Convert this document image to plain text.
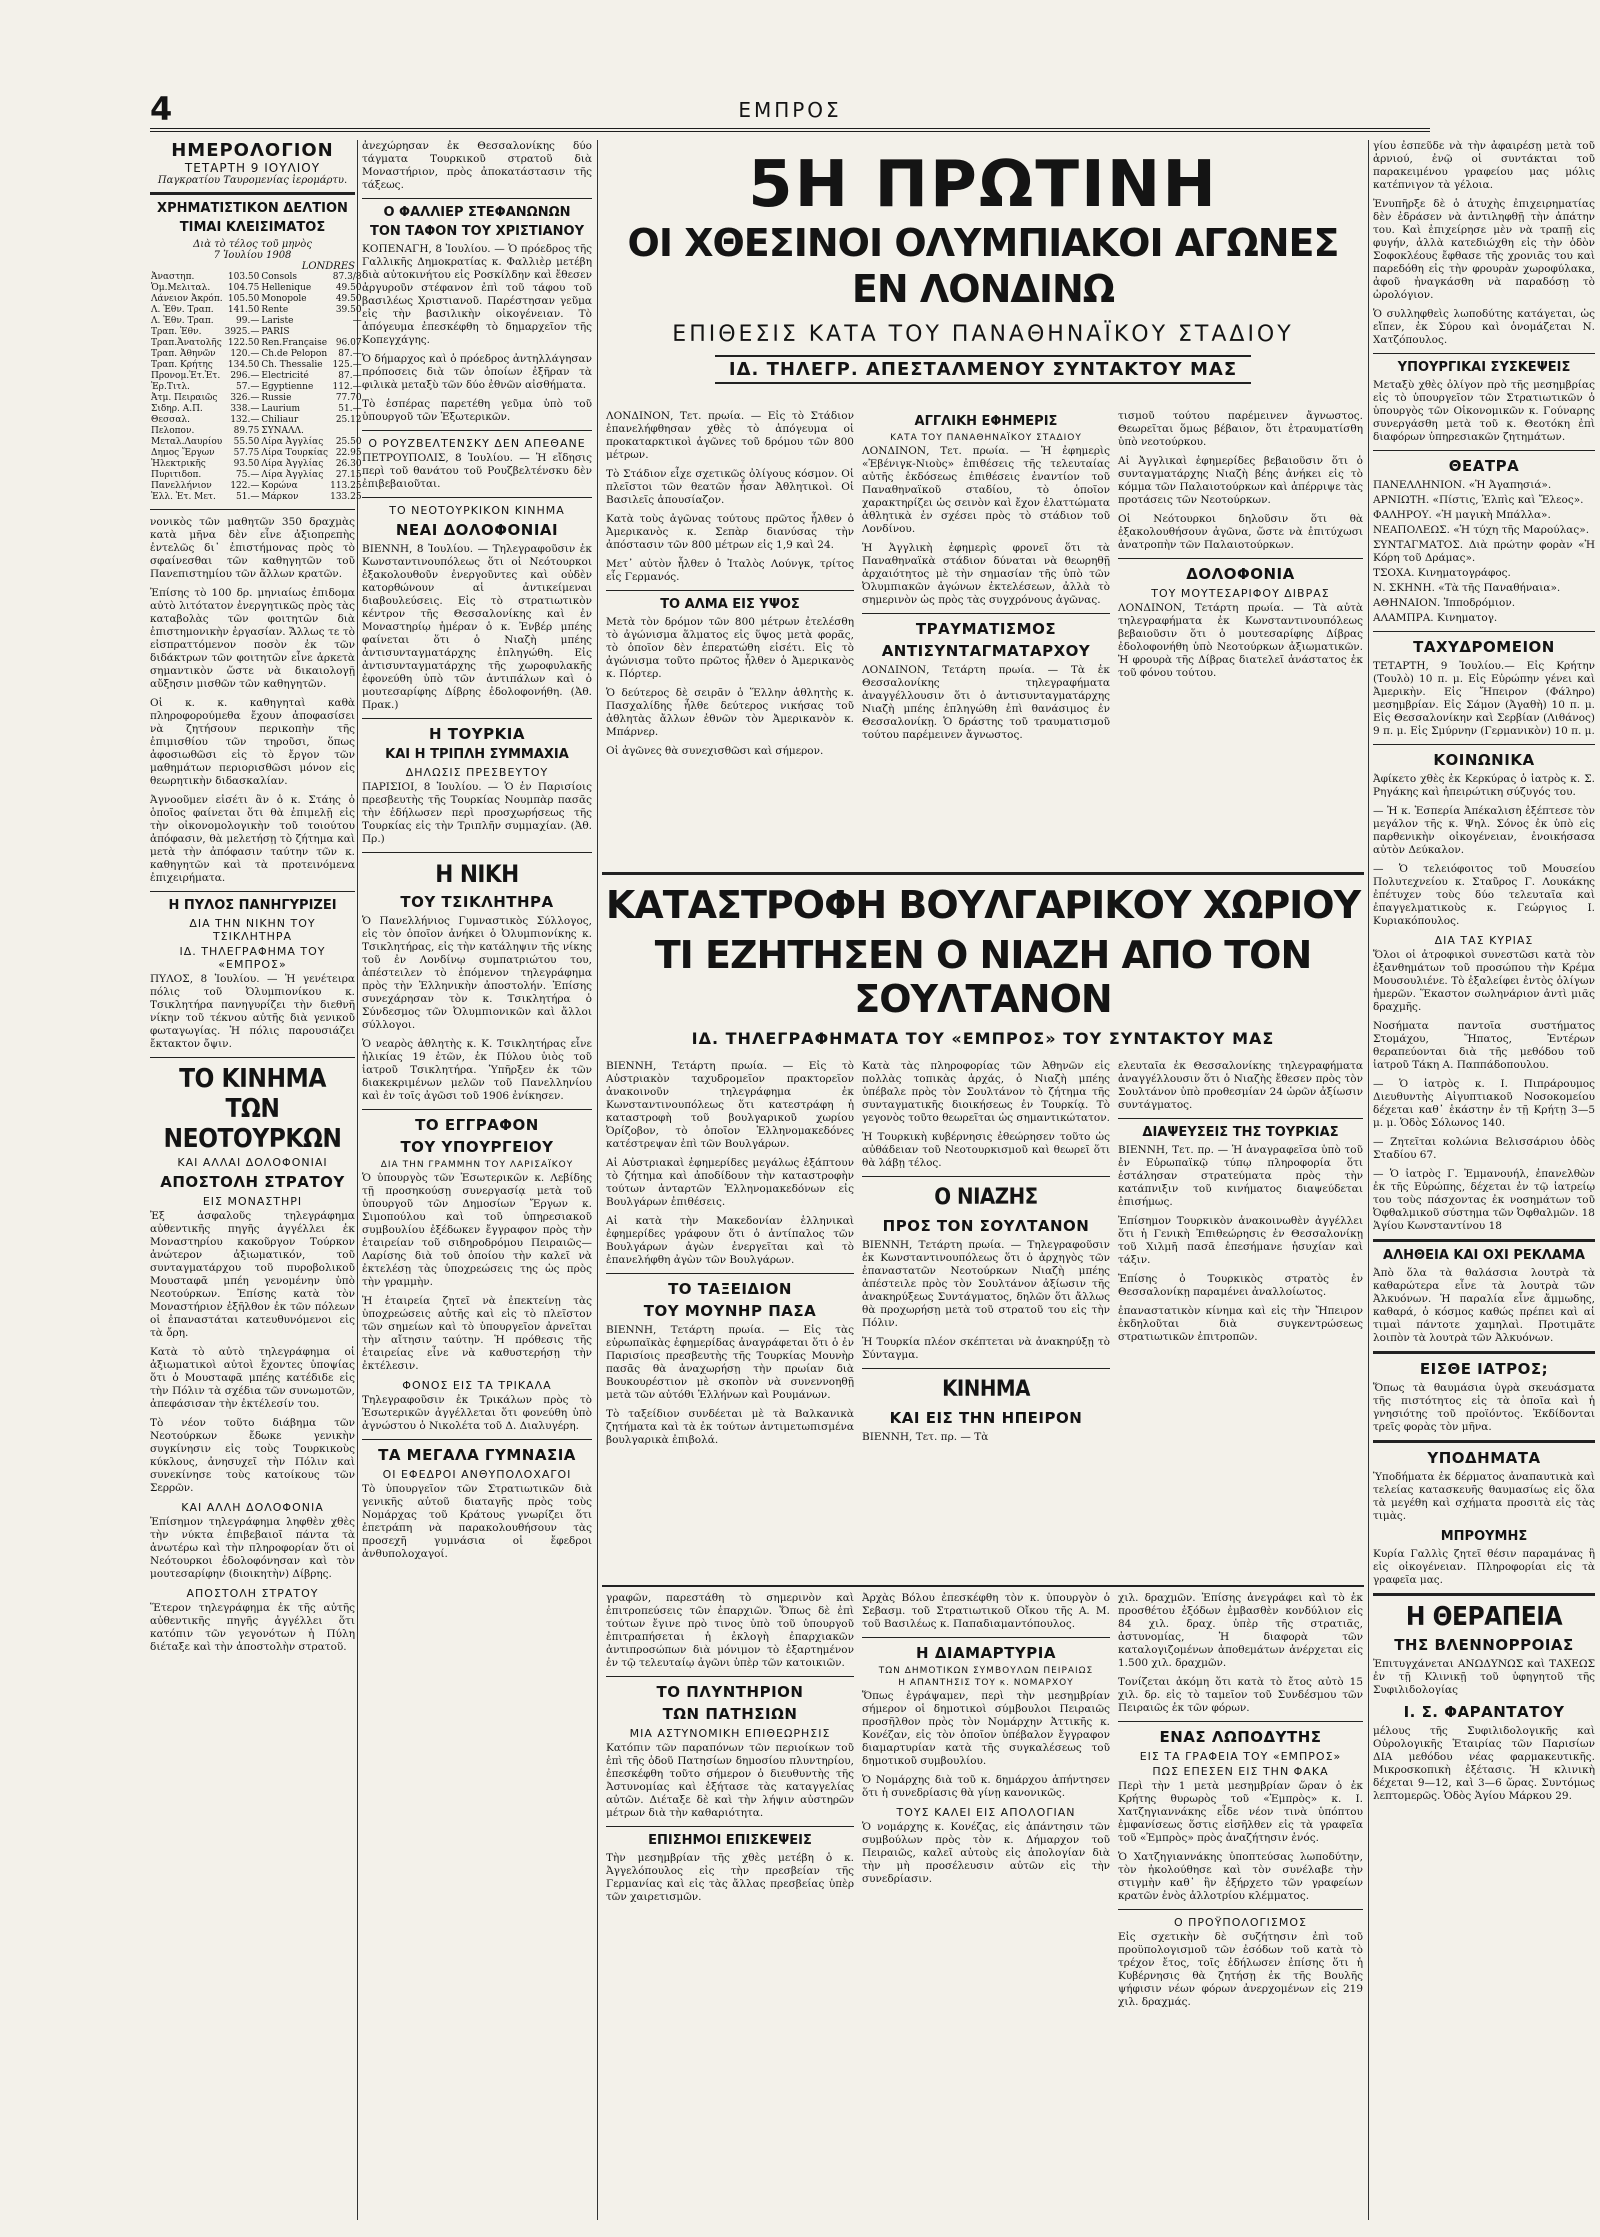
4	ΕΜΠΡΟΣ
ΗΜΕΡΟΛΟΓΙΟΝ
ΤΕΤΑΡΤΗ 9 ΙΟΥΛΙΟΥ
Παγκρατίου Ταυρομενίας ἱερομάρτυ.
ΧΡΗΜΑΤΙΣΤΙΚΟΝ ΔΕΛΤΙΟΝ
ΤΙΜΑΙ ΚΛΕΙΣΙΜΑΤΟΣ
Διὰ τὸ τέλος τοῦ μηνὸς
7 Ἰουλίου 1908
LONDRES
Ἀναστηπ.	103.50	Consols	87.3/8
Ὁμ.Μελιταλ.	104.75	Hellenique	49.50
Λάνειον Ἀκρόπ.	105.50	Monopole	49.50
Λ. Ἐθν. Τραπ.	141.50	Rente	39.50
Λ. Ἐθν. Τραπ.	99.—	Lariste	—
Τραπ. Ἐθν.	3925.—	PARIS	
Τραπ.Ἀνατολῆς	122.50	Ren.Française	96.07
Τραπ. Ἀθηνῶν	120.—	Ch.de Pelopon	87.—
Τραπ. Κρήτης	134.50	Ch. Thessalie	125.—
Προνομ.Ἐτ.Ἐτ.	296.—	Electricité	87.—
Ἐρ.Τιτλ.	57.—	Egyptienne	112.—
Ἀτμ. Πειραιῶς	326.—	Russie	77.70
Σιδηρ. Α.Π.	338.—	Laurium	51.—
Θεσσαλ.	132.—	Chiliaur	25.12
Πελοπον.	89.75	ΣΥΝΑΛΛ.	
Μεταλ.Λαυρίου	55.50	Λίρα Ἀγγλίας	25.50
Δημος Ἔργων	57.75	Λίρα Τουρκίας	22.95
Ἠλεκτρικῆς	93.50	Λίρα Ἀγγλίας	26.30
Πυριτιδοπ.	75.—	Λίρα Ἀγγλίας	27.15
Πανελλήνιον	122.—	Κορώνα	113.25
Ἐλλ. Ἐτ. Μετ.	51.—	Μάρκον	133.25

νονικὸς τῶν μαθητῶν 350 δραχμὰς κατὰ μῆνα δὲν εἶνε ἀξιοπρεπὴς ἐντελῶς δι᾽ ἐπιστήμονας πρὸς τὸ σφαίνεσθαι τῶν καθηγητῶν τοῦ Πανεπιστημίου τῶν ἄλλων κρατῶν.

Ἐπίσης τὸ 100 δρ. μηνιαίως ἐπιδομα αὐτὸ λιτότατον ἐνεργητικῶς πρὸς τὰς καταβολὰς τῶν φοιτητῶν διὰ ἐπιστημονικὴν ἐργασίαν. Ἄλλως τε τὸ εἰσπραττόμενον ποσὸν ἐκ τῶν διδάκτρων τῶν φοιτητῶν εἶνε ἀρκετὰ σημαντικὸν ὥστε νὰ δικαιολογῇ αὔξησιν μισθῶν τῶν καθηγητῶν.

Οἱ κ. κ. καθηγηταὶ καθὰ πληροφορούμεθα ἔχουν ἀποφασίσει νὰ ζητήσουν περικοπὴν τῆς ἐπιμισθίου τῶν τηροῦσι, ὅπως ἀφοσιωθῶσι εἰς τὸ ἔργον τῶν μαθημάτων περιορισθῶσι μόνον εἰς θεωρητικὴν διδασκαλίαν.

Ἀγνοοῦμεν εἰσέτι ἂν ὁ κ. Στάης ὁ ὁποῖος φαίνεται ὅτι θὰ ἐπιμελῇ εἰς τὴν οἰκονομολογικὴν τοῦ τοιούτου ἀπόφασιν, θὰ μελετήσῃ τὸ ζήτημα καὶ μετὰ τὴν ἀπόφασιν ταύτην τῶν κ. καθηγητῶν καὶ τὰ προτεινόμενα ἐπιχειρήματα.

Η ΠΥΛΟΣ ΠΑΝΗΓΥΡΙΖΕΙ
ΔΙΑ ΤΗΝ ΝΙΚΗΝ ΤΟΥ ΤΣΙΚΛΗΤΗΡΑ
ΙΔ. ΤΗΛΕΓΡΑΦΗΜΑ ΤΟΥ «ΕΜΠΡΟΣ»

ΠΥΛΟΣ, 8 Ἰουλίου. — Ἡ γενέτειρα πόλις τοῦ Ὀλυμπιονίκου κ. Τσικλητήρα πανηγυρίζει τὴν διεθνῆ νίκην τοῦ τέκνου αὐτῆς διὰ γενικοῦ φωταγωγίας. Ἡ πόλις παρουσιάζει ἔκτακτον ὄψιν.

ΤΟ ΚΙΝΗΜΑ ΤΩΝ ΝΕΟΤΟΥΡΚΩΝ
ΚΑΙ ΑΛΛΑΙ ΔΟΛΟΦΟΝΙΑΙ
ΑΠΟΣΤΟΛΗ ΣΤΡΑΤΟΥ
ΕΙΣ ΜΟΝΑΣΤΗΡΙ

Ἐξ ἀσφαλοῦς τηλεγράφημα αὐθεντικῆς πηγῆς ἀγγέλλει ἐκ Μοναστηρίου κακοῦργον Τούρκον ἀνώτερον ἀξιωματικόν, τοῦ συνταγματάρχου τοῦ πυροβολικοῦ Μουσταφᾶ μπέη γενομένην ὑπὸ Νεοτούρκων. Ἐπίσης κατὰ τὸν Μοναστήριον ἐξῆλθον ἐκ τῶν πόλεων οἱ ἐπαναστάται κατευθυνόμενοι εἰς τὰ ὄρη.

Κατὰ τὸ αὐτὸ τηλεγράφημα οἱ ἀξιωματικοὶ αὐτοὶ ἔχοντες ὑποψίας ὅτι ὁ Μουσταφᾶ μπέης κατέδιδε εἰς τὴν Πόλιν τὰ σχέδια τῶν συνωμοτῶν, ἀπεφάσισαν τὴν ἐκτέλεσίν του.

Τὸ νέον τοῦτο διάβημα τῶν Νεοτούρκων ἔδωκε γενικὴν συγκίνησιν εἰς τοὺς Τουρκικοὺς κύκλους, ἀνησυχεῖ τὴν Πόλιν καὶ συνεκίνησε τοὺς κατοίκους τῶν Σερρῶν.

ΚΑΙ ΑΛΛΗ ΔΟΛΟΦΟΝΙΑ

Ἐπίσημον τηλεγράφημα ληφθὲν χθὲς τὴν νύκτα ἐπιβεβαιοῖ πάντα τὰ ἀνωτέρω καὶ τὴν πληροφορίαν ὅτι οἱ Νεότουρκοι ἐδολοφόνησαν καὶ τὸν μουτεσαρίφην (διοικητὴν) Δίβρης.

ΑΠΟΣΤΟΛΗ ΣΤΡΑΤΟΥ

Ἕτερον τηλεγράφημα ἐκ τῆς αὐτῆς αὐθεντικῆς πηγῆς ἀγγέλλει ὅτι κατόπιν τῶν γεγονότων ἡ Πύλη διέταξε καὶ τὴν ἀποστολὴν στρατοῦ.

ἀνεχώρησαν ἐκ Θεσσαλονίκης δύο τάγματα Τουρκικοῦ στρατοῦ διὰ Μοναστήριον, πρὸς ἀποκατάστασιν τῆς τάξεως.

Ο ΦΑΛΛΙΕΡ ΣΤΕΦΑΝΩΝΩΝ
ΤΟΝ ΤΑΦΟΝ ΤΟΥ ΧΡΙΣΤΙΑΝΟΥ

ΚΟΠΕΝΑΓΗ, 8 Ἰουλίου. — Ὁ πρόεδρος τῆς Γαλλικῆς Δημοκρατίας κ. Φαλλιὲρ μετέβη διὰ αὐτοκινήτου εἰς Ροσκίλδην καὶ ἔθεσεν ἀργυροῦν στέφανον ἐπὶ τοῦ τάφου τοῦ βασιλέως Χριστιανοῦ. Παρέστησαν γεῦμα εἰς τὴν βασιλικὴν οἰκογένειαν. Τὸ ἀπόγευμα ἐπεσκέφθη τὸ δημαρχεῖον τῆς Κοπεγχάγης.

Ὁ δήμαρχος καὶ ὁ πρόεδρος ἀντηλλάγησαν πρόποσεις διὰ τῶν ὁποίων ἐξῆραν τὰ φιλικὰ μεταξὺ τῶν δύο ἐθνῶν αἰσθήματα.

Τὸ ἑσπέρας παρετέθη γεῦμα ὑπὸ τοῦ ὑπουργοῦ τῶν Ἐξωτερικῶν.

Ο ΡΟΥΖΒΕΛΤΕΝΣΚΥ ΔΕΝ ΑΠΕΘΑΝΕ

ΠΕΤΡΟΥΠΟΛΙΣ, 8 Ἰουλίου. — Ἡ εἴδησις περὶ τοῦ θανάτου τοῦ Ρουζβελτένσκυ δὲν ἐπιβεβαιοῦται.

ΤΟ ΝΕΟΤΟΥΡΚΙΚΟΝ ΚΙΝΗΜΑ
ΝΕΑΙ ΔΟΛΟΦΟΝΙΑΙ

ΒΙΕΝΝΗ, 8 Ἰουλίου. — Τηλεγραφοῦσιν ἐκ Κωνσταντινουπόλεως ὅτι οἱ Νεότουρκοι ἐξακολουθοῦν ἐνεργοῦντες καὶ οὐδὲν κατορθώνουν αἱ ἀντικείμεναι διαβουλεύσεις. Εἰς τὸ στρατιωτικὸν κέντρον τῆς Θεσσαλονίκης καὶ ἐν Μοναστηρίῳ ἡμέραν ὁ κ. Ἐνβέρ μπέης φαίνεται ὅτι ὁ Νιαζὴ μπέης ἀντισυνταγματάρχης ἐπληγώθη. Εἰς ἀντισυνταγματάρχης τῆς χωροφυλακῆς ἐφονεύθη ὑπὸ τῶν ἀντιπάλων καὶ ὁ μουτεσαρίφης Δίβρης ἐδολοφονήθη. (Ἀθ. Πρακ.)

Η ΤΟΥΡΚΙΑ
ΚΑΙ Η ΤΡΙΠΛΗ ΣΥΜΜΑΧΙΑ
ΔΗΛΩΣΙΣ ΠΡΕΣΒΕΥΤΟΥ

ΠΑΡΙΣΙΟΙ, 8 Ἰουλίου. — Ὁ ἐν Παρισίοις πρεσβευτὴς τῆς Τουρκίας Νουμπὰρ πασᾶς τὴν ἐδήλωσεν περὶ προσχωρήσεως τῆς Τουρκίας εἰς τὴν Τριπλῆν συμμαχίαν. (Ἀθ. Πρ.)

Η ΝΙΚΗ
ΤΟΥ ΤΣΙΚΛΗΤΗΡΑ

Ὁ Πανελλήνιος Γυμναστικὸς Σύλλογος, εἰς τὸν ὁποῖον ἀνήκει ὁ Ὀλυμπιονίκης κ. Τσικλητήρας, εἰς τὴν κατάληψιν τῆς νίκης τοῦ ἐν Λονδίνῳ συμπατριώτου του, ἀπέστειλεν τὸ ἑπόμενον τηλεγράφημα πρὸς τὴν Ἑλληνικὴν ἀποστολήν. Ἐπίσης συνεχάρησαν τὸν κ. Τσικλητήρα ὁ Σύνδεσμος τῶν Ὀλυμπιονικῶν καὶ ἄλλοι σύλλογοι.

Ὁ νεαρὸς ἀθλητὴς κ. Κ. Τσικλητήρας εἶνε ἡλικίας 19 ἐτῶν, ἐκ Πύλου ὑιὸς τοῦ ἰατροῦ Τσικλητήρα. Ὑπῆρξεν ἐκ τῶν διακεκριμένων μελῶν τοῦ Πανελληνίου καὶ ἐν τοῖς ἀγῶσι τοῦ 1906 ἐνίκησεν.

ΤΟ ΕΓΓΡΑΦΟΝ
ΤΟΥ ΥΠΟΥΡΓΕΙΟΥ
ΔΙΑ ΤΗΝ ΓΡΑΜΜΗΝ ΤΟΥ ΛΑΡΙΣΑΪΚΟΥ

Ὁ ὑπουργὸς τῶν Ἐσωτερικῶν κ. Λεβίδης τῇ προσηκούσῃ συνεργασίᾳ μετὰ τοῦ ὑπουργοῦ τῶν Δημοσίων Ἔργων κ. Σιμοπούλου καὶ τοῦ ὑπηρεσιακοῦ συμβουλίου ἐξέδωκεν ἔγγραφον πρὸς τὴν ἑταιρείαν τοῦ σιδηροδρόμου Πειραιῶς—Λαρίσης διὰ τοῦ ὁποίου τὴν καλεῖ νὰ ἐκτελέσῃ τὰς ὑποχρεώσεις της ὡς πρὸς τὴν γραμμὴν.

Ἡ ἐταιρεία ζητεῖ νὰ ἐπεκτείνῃ τὰς ὑποχρεώσεις αὐτῆς καὶ εἰς τὸ πλεῖστον τῶν σημείων καὶ τὸ ὑπουργεῖον ἀρνεῖται τὴν αἴτησιν ταύτην. Ἡ πρόθεσις τῆς ἑταιρείας εἶνε νὰ καθυστερήσῃ τὴν ἐκτέλεσιν.

ΦΟΝΟΣ ΕΙΣ ΤΑ ΤΡΙΚΑΛΑ

Τηλεγραφοῦσιν ἐκ Τρικάλων πρὸς τὸ Ἐσωτερικῶν ἀγγέλλεται ὅτι φονεύθη ὑπὸ ἀγνώστου ὁ Νικολέτα τοῦ Δ. Διαλυγέρη.

ΤΑ ΜΕΓΑΛΑ ΓΥΜΝΑΣΙΑ
ΟΙ ΕΦΕΔΡΟΙ ΑΝΘΥΠΟΛΟΧΑΓΟΙ

Τὸ ὑπουργεῖον τῶν Στρατιωτικῶν διὰ γενικῆς αὐτοῦ διαταγῆς πρὸς τοὺς Νομάρχας τοῦ Κράτους γνωρίζει ὅτι ἐπετράπη νὰ παρακολουθήσουν τὰς προσεχῆ γυμνάσια οἱ ἔφεδροι ἀνθυπολοχαγοί.

5Η ΠΡΩΤΙΝΗ
ΟΙ ΧΘΕΣΙΝΟΙ ΟΛΥΜΠΙΑΚΟΙ ΑΓΩΝΕΣ ΕΝ ΛΟΝΔΙΝΩ
ΕΠΙΘΕΣΙΣ ΚΑΤΑ ΤΟΥ ΠΑΝΑΘΗΝΑΪΚΟΥ ΣΤΑΔΙΟΥ
ΙΔ. ΤΗΛΕΓΡ. ΑΠΕΣΤΑΛΜΕΝΟΥ ΣΥΝΤΑΚΤΟΥ ΜΑΣ

ΛΟΝΔΙΝΟΝ, Τετ. πρωία. — Εἰς τὸ Στάδιον ἐπανελήφθησαν χθὲς τὸ ἀπόγευμα οἱ προκαταρκτικοὶ ἀγῶνες τοῦ δρόμου τῶν 800 μέτρων.

Τὸ Στάδιον εἶχε σχετικῶς ὀλίγους κόσμον. Οἱ πλεῖστοι τῶν θεατῶν ἦσαν Ἀθλητικοὶ. Οἱ Βασιλεῖς ἀπουσίαζον.

Κατὰ τοὺς ἀγῶνας τούτους πρῶτος ἦλθεν ὁ Ἀμερικανὸς κ. Σεπὰρ διανύσας τὴν ἀπόστασιν τῶν 800 μέτρων εἰς 1,9 καὶ 24.

Μετ᾽ αὐτὸν ἦλθεν ὁ Ἰταλὸς Λούνγκ, τρίτος εἷς Γερμανός.

ΤΟ ΑΛΜΑ ΕΙΣ ΥΨΟΣ

Μετὰ τὸν δρόμον τῶν 800 μέτρων ἐτελέσθη τὸ ἀγώνισμα ἅλματος εἰς ὕψος μετὰ φορᾶς, τὸ ὁποῖον δὲν ἐπερατώθη εἰσέτι. Εἰς τὸ ἀγώνισμα τοῦτο πρῶτος ἦλθεν ὁ Ἀμερικανὸς κ. Πόρτερ.

Ὁ δεύτερος δὲ σειρᾶν ὁ Ἕλλην ἀθλητὴς κ. Πασχαλίδης ἦλθε δεύτερος νικήσας τοῦ ἀθλητὰς ἄλλων ἐθνῶν τὸν Ἀμερικανὸν κ. Μπάρνερ.

Οἱ ἀγῶνες θὰ συνεχισθῶσι καὶ σήμερον.

ΑΓΓΛΙΚΗ ΕΦΗΜΕΡΙΣ
ΚΑΤΑ ΤΟΥ ΠΑΝΑΘΗΝΑΪΚΟΥ ΣΤΑΔΙΟΥ

ΛΟΝΔΙΝΟΝ, Τετ. πρωία. — Ἡ ἐφημερὶς «Ἐβένιγκ-Νιοὺς» ἐπιθέσεις τῆς τελευταίας αὐτῆς ἐκδόσεως ἐπιθέσεις ἐναντίον τοῦ Παναθηναϊκοῦ σταδίου, τὸ ὁποῖον χαρακτηρίζει ὡς σεινὸν καὶ ἔχον ἐλαττώματα ἀθλητικὰ ἐν σχέσει πρὸς τὸ στάδιον τοῦ Λονδίνου.

Ἡ Ἀγγλικὴ ἐφημερὶς φρονεῖ ὅτι τὰ Παναθηναϊκὰ στάδιον δύναται νὰ θεωρηθῇ ἀρχαιότητος μὲ τὴν σημασίαν τῆς ὑπὸ τῶν Ὀλυμπιακῶν ἀγώνων ἐκτελέσεων, ἀλλὰ τὸ σημερινὸν ὡς πρὸς τὰς συγχρόνους ἀγῶνας.

ΤΡΑΥΜΑΤΙΣΜΟΣ
ΑΝΤΙΣΥΝΤΑΓΜΑΤΑΡΧΟΥ

ΛΟΝΔΙΝΟΝ, Τετάρτη πρωία. — Τὰ ἐκ Θεσσαλονίκης τηλεγραφήματα ἀναγγέλλουσιν ὅτι ὁ ἀντισυνταγματάρχης Νιαζὴ μπέης ἐπληγώθη ἐπὶ θανάσιμος ἐν Θεσσαλονίκῃ. Ὁ δράστης τοῦ τραυματισμοῦ τούτου παρέμεινεν ἄγνωστος.

τισμοῦ τούτου παρέμεινεν ἄγνωστος. Θεωρεῖται ὅμως βέβαιον, ὅτι ἐτραυματίσθη ὑπὸ νεοτούρκου.

Αἱ Ἀγγλικαὶ ἐφημερίδες βεβαιοῦσιν ὅτι ὁ συνταγματάρχης Νιαζὴ βέης ἀνήκει εἰς τὸ κόμμα τῶν Παλαιοτούρκων καὶ ἀπέρριψε τὰς προτάσεις τῶν Νεοτούρκων.

Οἱ Νεότουρκοι δηλοῦσιν ὅτι θὰ ἐξακολουθήσουν ἀγῶνα, ὥστε νὰ ἐπιτύχωσι ἀνατροπὴν τῶν Παλαιοτούρκων.

ΔΟΛΟΦΟΝΙΑ
ΤΟΥ ΜΟΥΤΕΣΑΡΙΦΟΥ ΔΙΒΡΑΣ

ΛΟΝΔΙΝΟΝ, Τετάρτη πρωία. — Τὰ αὐτὰ τηλεγραφήματα ἐκ Κωνσταντινουπόλεως βεβαιοῦσιν ὅτι ὁ μουτεσαρίφης Δίβρας ἐδολοφονήθη ὑπὸ Νεοτούρκων ἀξιωματικῶν. Ἡ φρουρὰ τῆς Δίβρας διατελεῖ ἀνάστατος ἐκ τοῦ φόνου τούτου.

ΚΑΤΑΣΤΡΟΦΗ ΒΟΥΛΓΑΡΙΚΟΥ ΧΩΡΙΟΥ
ΤΙ ΕΖΗΤΗΣΕΝ Ο ΝΙΑΖΗ ΑΠΟ ΤΟΝ ΣΟΥΛΤΑΝΟΝ
ΙΔ. ΤΗΛΕΓΡΑΦΗΜΑΤΑ ΤΟΥ «ΕΜΠΡΟΣ» ΤΟΥ ΣΥΝΤΑΚΤΟΥ ΜΑΣ

ΒΙΕΝΝΗ, Τετάρτη πρωία. — Εἰς τὸ Αὐστριακὸν ταχυδρομεῖον πρακτορεῖον ἀνακοινοῦν τηλεγράφημα ἐκ Κωνσταντινουπόλεως ὅτι κατεστράφη ἡ καταστροφὴ τοῦ βουλγαρικοῦ χωρίου Ὀρίζοβον, τὸ ὁποῖον Ἑλληνομακεδόνες κατέστρεψαν ἐπὶ τῶν Βουλγάρων.

Αἱ Αὐστριακαὶ ἐφημερίδες μεγάλως ἐξάπτουν τὸ ζήτημα καὶ ἀποδίδουν τὴν καταστροφὴν τούτων ἀνταρτῶν Ἑλληνομακεδόνων εἰς Βουλγάρων ἐπιθέσεις.

Αἱ κατὰ τὴν Μακεδονίαν ἑλληνικαὶ ἐφημερίδες γράφουν ὅτι ὁ ἀντίπαλος τῶν Βουλγάρων ἀγὼν ἐνεργεῖται καὶ τὸ ἐπανελήφθη ἀγὼν τῶν Βουλγάρων.

ΤΟ ΤΑΞΕΙΔΙΟΝ
ΤΟΥ ΜΟΥΝΗΡ ΠΑΣΑ

ΒΙΕΝΝΗ, Τετάρτη πρωία. — Εἰς τὰς εὐρωπαϊκὰς ἐφημερίδας ἀναγράφεται ὅτι ὁ ἐν Παρισίοις πρεσβευτὴς τῆς Τουρκίας Μουνὴρ πασᾶς θὰ ἀναχωρήσῃ τὴν πρωίαν διὰ Βουκουρέστιον μὲ σκοπὸν νὰ συνεννοηθῇ μετὰ τῶν αὐτόθι Ἑλλήνων καὶ Ρουμάνων.

Τὸ ταξείδιον συνδέεται μὲ τὰ Βαλκανικὰ ζητήματα καὶ τὰ ἐκ τούτων ἀντιμετωπισμένα βουλγαρικὰ ἐπιβολά.

Κατὰ τὰς πληροφορίας τῶν Ἀθηνῶν εἰς πολλὰς τοπικὰς ἀρχάς, ὁ Νιαζὴ μπέης ὑπέβαλε πρὸς τὸν Σουλτάνον τὸ ζήτημα τῆς συνταγματικῆς διοικήσεως ἐν Τουρκίᾳ. Τὸ γεγονὸς τοῦτο θεωρεῖται ὡς σημαντικώτατον.

Ἡ Τουρκικὴ κυβέρνησις ἐθεώρησεν τοῦτο ὡς αὐθάδειαν τοῦ Νεοτουρκισμοῦ καὶ θεωρεῖ ὅτι θὰ λάβῃ τέλος.

Ο ΝΙΑΖΗΣ
ΠΡΟΣ ΤΟΝ ΣΟΥΛΤΑΝΟΝ

ΒΙΕΝΝΗ, Τετάρτη πρωία. — Τηλεγραφοῦσιν ἐκ Κωνσταντινουπόλεως ὅτι ὁ ἀρχηγὸς τῶν ἐπαναστατῶν Νεοτούρκων Νιαζὴ μπέης ἀπέστειλε πρὸς τὸν Σουλτάνον ἀξίωσιν τῆς ἀνακηρύξεως Συντάγματος, δηλῶν ὅτι ἄλλως θὰ προχωρήσῃ μετὰ τοῦ στρατοῦ του εἰς τὴν Πόλιν.

Ἡ Τουρκία πλέον σκέπτεται νὰ ἀνακηρύξῃ τὸ Σύνταγμα.

ΚΙΝΗΜΑ
ΚΑΙ ΕΙΣ ΤΗΝ ΗΠΕΙΡΟΝ

ΒΙΕΝΝΗ, Τετ. πρ. — Τὰ

ελευταῖα ἐκ Θεσσαλονίκης τηλεγραφήματα ἀναγγέλλουσιν ὅτι ὁ Νιαζὴς ἔθεσεν πρὸς τὸν Σουλτάνον ὑπὸ προθεσμίαν 24 ὡρῶν ἀξίωσιν συντάγματος.

ΔΙΑΨΕΥΣΕΙΣ ΤΗΣ ΤΟΥΡΚΙΑΣ

ΒΙΕΝΝΗ, Τετ. πρ. — Ἡ ἀναγραφεῖσα ὑπὸ τοῦ ἐν Εὐρωπαϊκῷ τύπῳ πληροφορία ὅτι ἐστάλησαν στρατεύματα πρὸς τὴν κατάπνιξιν τοῦ κινήματος διαψεύδεται ἐπισήμως.

Ἐπίσημον Τουρκικὸν ἀνακοινωθὲν ἀγγέλλει ὅτι ἡ Γενικὴ Ἐπιθεώρησις ἐν Θεσσαλονίκῃ τοῦ Χιλμῆ πασᾶ ἐπεσήμανε ἡσυχίαν καὶ τάξιν.

Ἐπίσης ὁ Τουρκικὸς στρατὸς ἐν Θεσσαλονίκῃ παραμένει ἀναλλοίωτος.

ἐπαναστατικὸν κίνημα καὶ εἰς τὴν Ἤπειρον ἐκδηλοῦται διὰ συγκεντρώσεως στρατιωτικῶν ἐπιτροπῶν.

γραφῶν, παρεστάθη τὸ σημερινὸν καὶ ἐπιτροπεύσεις τῶν ἐπαρχιῶν. Ὅπως δὲ ἐπὶ τούτων ἔγινε πρὸ τινος ὑπὸ τοῦ ὑπουργοῦ ἐπιτραπήσεται ἡ ἐκλογὴ ἐπαρχιακῶν ἀντιπροσώπων διὰ μόνιμον τὸ ἐξαρτημένον ἐν τῷ τελευταίῳ ἀγῶνι ὑπὲρ τῶν κατοικιῶν.

ΤΟ ΠΛΥΝΤΗΡΙΟΝ
ΤΩΝ ΠΑΤΗΣΙΩΝ
ΜΙΑ ΑΣΤΥΝΟΜΙΚΗ ΕΠΙΘΕΩΡΗΣΙΣ

Κατόπιν τῶν παραπόνων τῶν περιοίκων τοῦ ἐπὶ τῆς ὁδοῦ Πατησίων δημοσίου πλυντηρίου, ἐπεσκέφθη τοῦτο σήμερον ὁ διευθυντὴς τῆς Ἀστυνομίας καὶ ἐξήτασε τὰς καταγγελίας αὐτῶν. Διέταξε δὲ καὶ τὴν λήψιν αὐστηρῶν μέτρων διὰ τὴν καθαριότητα.

ΕΠΙΣΗΜΟΙ ΕΠΙΣΚΕΨΕΙΣ

Τὴν μεσημβρίαν τῆς χθὲς μετέβη ὁ κ. Ἀγγελόπουλος εἰς τὴν πρεσβείαν τῆς Γερμανίας καὶ εἰς τὰς ἄλλας πρεσβείας ὑπὲρ τῶν χαιρετισμῶν.

Ἀρχὰς Βόλου ἐπεσκέφθη τὸν κ. ὑπουργὸν ὁ Σεβασμ. τοῦ Στρατιωτικοῦ Οἴκου τῆς Α. Μ. τοῦ Βασιλέως κ. Παπαδιαμαντόπουλος.

Η ΔΙΑΜΑΡΤΥΡΙΑ
ΤΩΝ ΔΗΜΟΤΙΚΩΝ ΣΥΜΒΟΥΛΩΝ ΠΕΙΡΑΙΩΣ
Η ΑΠΑΝΤΗΣΙΣ ΤΟΥ κ. ΝΟΜΑΡΧΟΥ

Ὅπως ἐγράψαμεν, περὶ τὴν μεσημβρίαν σήμερον οἱ δημοτικοὶ σύμβουλοι Πειραιῶς προσῆλθον πρὸς τὸν Νομάρχην Ἀττικῆς κ. Κονέζαν, εἰς τὸν ὁποῖον ὑπέβαλον ἔγγραφον διαμαρτυρίαν κατὰ τῆς συγκαλέσεως τοῦ δημοτικοῦ συμβουλίου.

Ὁ Νομάρχης διὰ τοῦ κ. δημάρχου ἀπήντησεν ὅτι ἡ συνεδρίασις θὰ γίνῃ κανονικῶς.

ΤΟΥΣ ΚΑΛΕΙ ΕΙΣ ΑΠΟΛΟΓΙΑΝ

Ὁ νομάρχης κ. Κονέζας, εἰς ἀπάντησιν τῶν συμβούλων πρὸς τὸν κ. Δήμαρχον τοῦ Πειραιῶς, καλεῖ αὐτοὺς εἰς ἀπολογίαν διὰ τὴν μὴ προσέλευσιν αὐτῶν εἰς τὴν συνεδρίασιν.

χιλ. δραχμῶν. Ἐπίσης ἀνεγράφει καὶ τὸ ἐκ προσθέτου ἐξόδων ἐμβασθὲν κονδύλιον εἰς 84 χιλ. δραχ. ὑπὲρ τῆς στρατιᾶς, ἀστυνομίας, Ἡ διαφορὰ τῶν καταλογιζομένων ἀποθεμάτων ἀνέρχεται εἰς 1.500 χιλ. δραχμῶν.

Τονίζεται ἀκόμη ὅτι κατὰ τὸ ἔτος αὐτὸ 15 χιλ. δρ. εἰς τὸ ταμεῖον τοῦ Συνδέσμου τῶν Πειραιῶς ἐκ τῶν φόρων.

ΕΝΑΣ ΛΩΠΟΔΥΤΗΣ
ΕΙΣ ΤΑ ΓΡΑΦΕΙΑ ΤΟΥ «ΕΜΠΡΟΣ»
ΠΩΣ ΕΠΕΣΕΝ ΕΙΣ ΤΗΝ ΦΑΚΑ

Περὶ τὴν 1 μετὰ μεσημβρίαν ὥραν ὁ ἐκ Κρήτης θυρωρὸς τοῦ «Ἐμπρὸς» κ. Ι. Χατζηγιαννάκης εἶδε νέον τινὰ ὑπόπτου ἐμφανίσεως ὅστις εἰσῆλθεν εἰς τὰ γραφεῖα τοῦ «Ἐμπρὸς» πρὸς ἀναζήτησιν ἐνός.

Ὁ Χατζηγιαννάκης ὑποπτεύσας λωποδύτην, τὸν ἠκολούθησε καὶ τὸν συνέλαβε τὴν στιγμὴν καθ᾽ ἣν ἐξήρχετο τῶν γραφείων κρατῶν ἐνὸς ἀλλοτρίου κλέμματος.

Ο ΠΡΟΫΠΟΛΟΓΙΣΜΟΣ

Εἰς σχετικὴν δὲ συζήτησιν ἐπὶ τοῦ προϋπολογισμοῦ τῶν ἐσόδων τοῦ κατὰ τὸ τρέχον ἔτος, τοῖς ἐδήλωσεν ἐπίσης ὅτι ἡ Κυβέρνησις θὰ ζητήσῃ ἐκ τῆς Βουλῆς ψήφισιν νέων φόρων ἀνερχομένων εἰς 219 χιλ. δραχμάς.

γίου ἐσπεῦδε νὰ τὴν ἀφαιρέσῃ μετὰ τοῦ ἀρνιού, ἐνῷ οἱ συντάκται τοῦ παρακειμένου γραφείου μας μόλις κατέπνιγον τὰ γέλοια.

Ἐνυπῆρξε δὲ ὁ ἀτυχὴς ἐπιχειρηματίας δὲν ἐδράσεν νὰ ἀντιληφθῇ τὴν ἀπάτην του. Καὶ ἐπιχείρησε μὲν νὰ τραπῇ εἰς φυγήν, ἀλλὰ κατεδιώχθη εἰς τὴν ὁδὸν Σοφοκλέους ἔφθασε τῆς χρονιᾶς του καὶ παρεδόθη εἰς τὴν φρουρὰν χωροφύλακα, ἀφοῦ ἠναγκάσθη νὰ παραδόσῃ τὸ ὡρολόγιον.

Ὁ συλληφθεὶς λωποδύτης κατάγεται, ὡς εἴπεν, ἐκ Σύρου καὶ ὀνομάζεται Ν. Χατζόπουλος.

ΥΠΟΥΡΓΙΚΑΙ ΣΥΣΚΕΨΕΙΣ

Μεταξὺ χθὲς ὀλίγον πρὸ τῆς μεσημβρίας εἰς τὸ ὑπουργεῖον τῶν Στρατιωτικῶν ὁ ὑπουργὸς τῶν Οἰκονομικῶν κ. Γούναρης συνεργάσθη μετὰ τοῦ κ. Θεοτόκη ἐπὶ διαφόρων ὑπηρεσιακῶν ζητημάτων.

ΘΕΑΤΡΑ

ΠΑΝΕΛΛΗΝΙΟΝ. «Ἡ Ἀγαπησιά».

ΑΡΝΙΩΤΗ. «Πίστις, Ἐλπὶς καὶ Ἔλεος».

ΦΑΛΗΡΟΥ. «Ἡ μαγικὴ Μπάλλα».

ΝΕΑΠΟΛΕΩΣ. «Ἡ τύχη τῆς Μαρούλας».

ΣΥΝΤΑΓΜΑΤΟΣ. Διὰ πρώτην φορὰν «Ἡ Κόρη τοῦ Δράμας».

ΤΣΟΧΑ. Κινηματογράφος.

Ν. ΣΚΗΝΗ. «Τὰ τῆς Παναθήναια».

ΑΘΗΝΑΙΟΝ. Ἱπποδρόμιον.

ΑΛΑΜΠΡΑ. Κινηματογ.

ΤΑΧΥΔΡΟΜΕΙΟΝ

ΤΕΤΑΡΤΗ, 9 Ἰουλίου.— Εἰς Κρήτην (Τουλὸ) 10 π. μ. Εἰς Εὐρώπην γένει καὶ Ἀμερικὴν. Εἰς Ἤπειρον (Φάληρο) μεσημβρίαν. Εἰς Σάμον (Ἀγαθὴ) 10 π. μ. Εἰς Θεσσαλονίκην καὶ Σερβίαν (Λιθάνος) 9 π. μ. Εἰς Σμύρνην (Γερμανικὸν) 10 π. μ.

ΚΟΙΝΩΝΙΚΑ

Ἀφίκετο χθὲς ἐκ Κερκύρας ὁ ἰατρὸς κ. Σ. Ρηγάκης καὶ ἠπειρώτικη σύζυγός του.

— Ἡ κ. Ἑσπερία Ἀπέκαλιση ἐξέπτεσε τὸν μεγάλον τῆς κ. Ψηλ. Σόνος ἐκ ὑπὸ εἰς παρθενικὴν οἰκογένειαν, ἐνοικήσασα αὐτὸν Δεύκαλον.

— Ὁ τελειόφοιτος τοῦ Μουσείου Πολυτεχνείου κ. Σταῦρος Γ. Λουκάκης ἐπέτυχεν τοὺς δύο τελευταῖα καὶ ἐπαγγελματικοὺς κ. Γεώργιος Ι. Κυριακόπουλος.

ΔΙΑ ΤΑΣ ΚΥΡΙΑΣ

Ὅλοι οἱ ἀτροφικοὶ συνεστῶσι κατὰ τὸν ἐξανθημάτων τοῦ προσώπου τὴν Κρέμα Μουσουλιένε. Τὸ ἐξαλείφει ἐντὸς ὀλίγων ἡμερῶν. Ἕκαστον σωληνάριον ἀντὶ μιᾶς δραχμῆς.

Νοσήματα παντοῖα συστήματος Στομάχου, Ἥπατος, Ἐντέρων θεραπεύονται διὰ τῆς μεθόδου τοῦ ἰατροῦ Τάκη Α. Παππάδοπουλου.

— Ὁ ἰατρὸς κ. Ι. Πιπράρουμος Διευθυντὴς Αἰγυπτιακοῦ Νοσοκομείου δέχεται καθ᾽ ἑκάστην ἐν τῇ Κρήτῃ 3—5 μ. μ. Ὁδὸς Σόλωνος 140.

— Ζητεῖται κολώνια Βελισσάριου ὁδὸς Σταδίου 67.

— Ὁ ἰατρὸς Γ. Ἐμμανουήλ, ἐπανελθὼν ἐκ τῆς Εὐρώπης, δέχεται ἐν τῷ ἰατρείῳ του τοὺς πάσχοντας ἐκ νοσημάτων τοῦ Ὀφθαλμικοῦ σύστημα τῶν Ὀφθαλμῶν. 18 Ἁγίου Κωνσταντίνου 18

ΑΛΗΘΕΙΑ ΚΑΙ ΟΧΙ ΡΕΚΛΑΜΑ

Ἀπὸ ὅλα τὰ θαλάσσια λουτρὰ τὰ καθαρώτερα εἶνε τὰ λουτρὰ τῶν Ἀλκυόνων. Ἡ παραλία εἶνε ἄμμωδης, καθαρά, ὁ κόσμος καθώς πρέπει καὶ αἱ τιμαὶ πάντοτε χαμηλαὶ. Προτιμᾶτε λοιπὸν τὰ λουτρὰ τῶν Ἀλκυόνων.

ΕΙΣΘΕ ΙΑΤΡΟΣ;

Ὅπως τὰ θαυμάσια ὑγρὰ σκευάσματα τῆς πιστότητος εἰς τὰ ὁποῖα καὶ ἡ γνησιότης τοῦ προϊόντος. Ἐκδίδονται τρεῖς φορὰς τὸν μῆνα.

ΥΠΟΔΗΜΑΤΑ

Ὑποδήματα ἐκ δέρματος ἀναπαυτικὰ καὶ τελείας κατασκευῆς θαυμασίως εἰς ὅλα τὰ μεγέθη καὶ σχήματα προσιτὰ εἰς τὰς τιμὰς.

ΜΠΡΟΥΜΗΣ

Κυρία Γαλλὶς ζητεῖ θέσιν παραμάνας ἢ εἰς οἰκογένειαν. Πληροφορίαι εἰς τὰ γραφεῖα μας.

Η ΘΕΡΑΠΕΙΑ
ΤΗΣ ΒΛΕΝΝΟΡΡΟΙΑΣ

Ἐπιτυγχάνεται ΑΝΩΔΥΝΩΣ καὶ ΤΑΧΕΩΣ ἐν τῇ Κλινικῇ τοῦ ὑφηγητοῦ τῆς Συφιλιδολογίας

Ι. Σ. ΦΑΡΑΝΤΑΤΟΥ

μέλους τῆς Συφιλιδολογικῆς καὶ Οὐρολογικῆς Ἑταιρίας τῶν Παρισίων ΔΙΑ μεθόδου νέας φαρμακευτικῆς. Μικροσκοπικὴ ἐξέτασις. Ἡ κλινικὴ δέχεται 9—12, καὶ 3—6 ὥρας. Συντόμως λεπτομερῶς. Ὁδὸς Ἁγίου Μάρκου 29.
